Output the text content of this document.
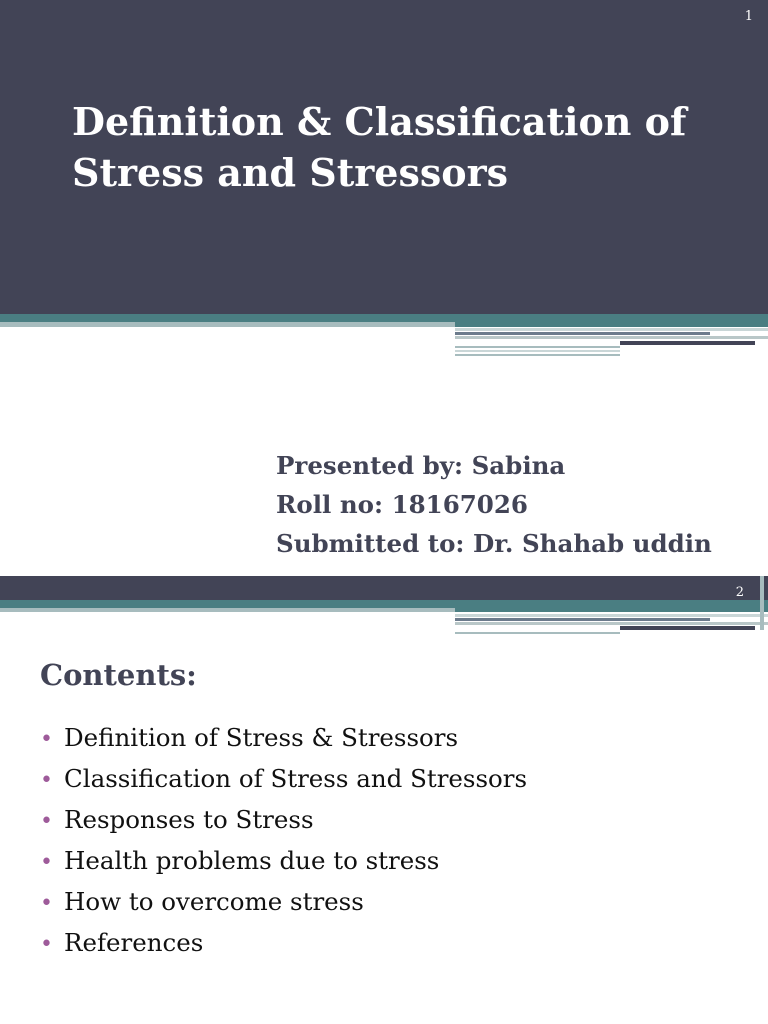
1
Definition & Classification of
Stress and Stressors
Presented by: Sabina
Roll no: 18167026
Submitted to: Dr. Shahab uddin
2
Contents:
• Definition of Stress & Stressors
• Classification of Stress and Stressors
• Responses to Stress
• Health problems due to stress
• How to overcome stress
• References
